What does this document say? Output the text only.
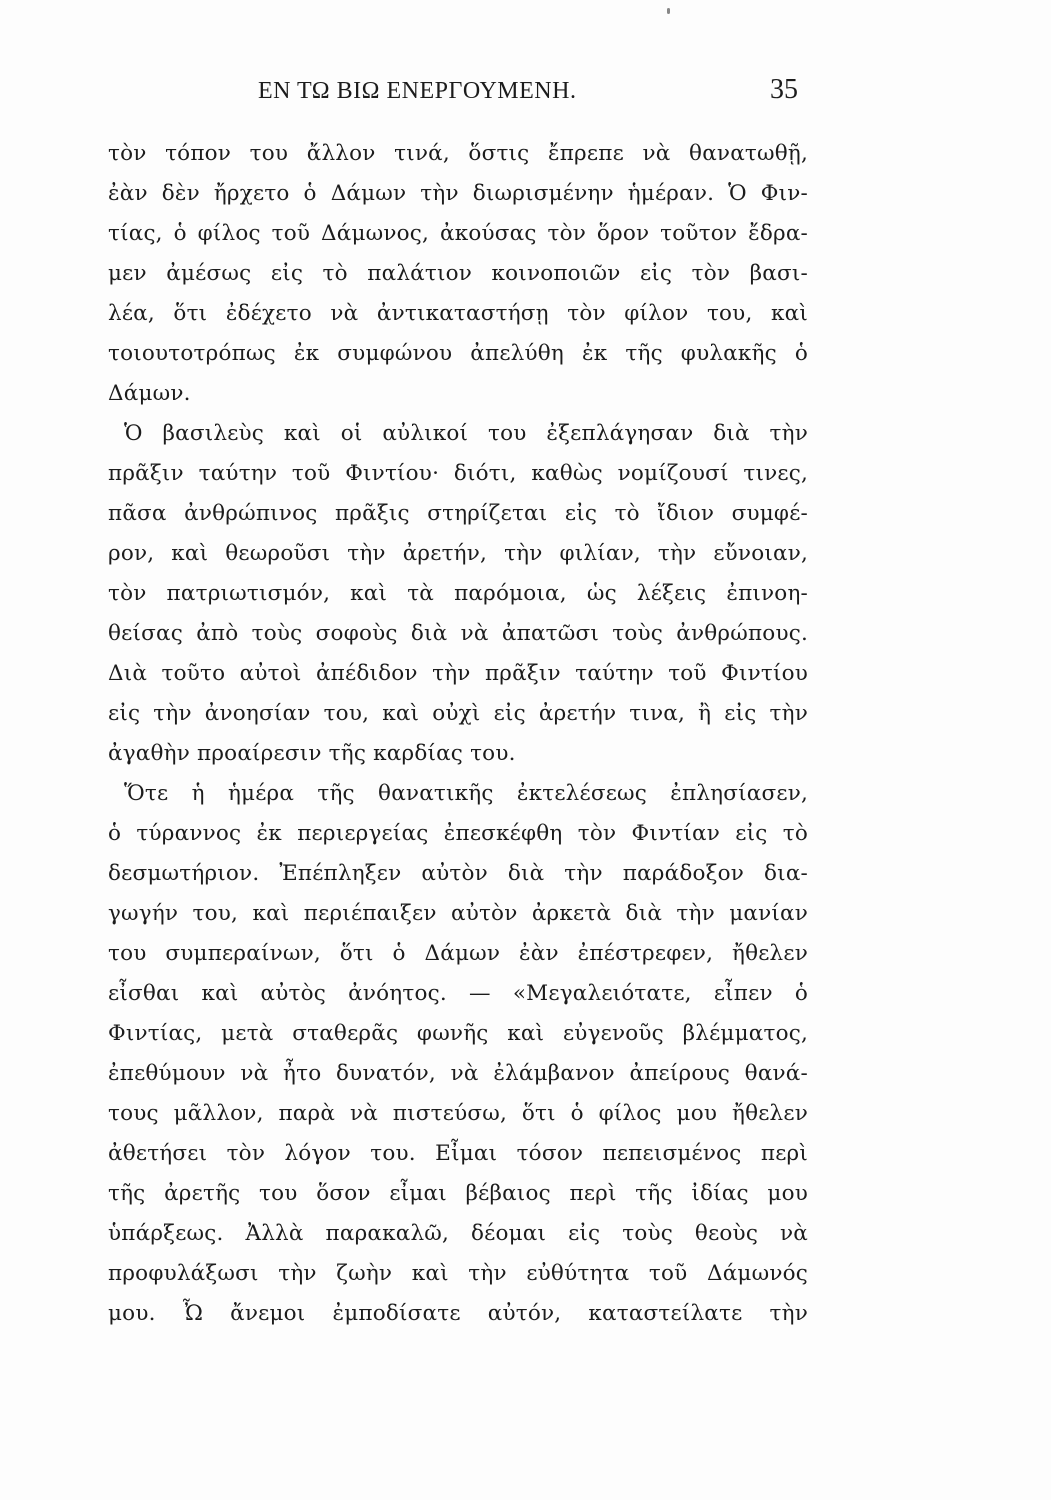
ΕΝ ΤΩ ΒΙΩ ΕΝΕΡΓΟΥΜΕΝΗ.	35
τὸν τόπον του ἄλλον τινά, ὅστις ἔπρεπε νὰ θανατωθῇ,
ἐὰν δὲν ἤρχετο ὁ Δάμων τὴν διωρισμένην ἡμέραν. Ὁ Φιν-
τίας, ὁ φίλος τοῦ Δάμωνος, ἀκούσας τὸν ὅρον τοῦτον ἔδρα-
μεν ἀμέσως εἰς τὸ παλάτιον κοινοποιῶν εἰς τὸν βασι-
λέα, ὅτι ἐδέχετο νὰ ἀντικαταστήσῃ τὸν φίλον του, καὶ
τοιουτοτρόπως ἐκ συμφώνου ἀπελύθη ἐκ τῆς φυλακῆς ὁ
Δάμων.
Ὁ βασιλεὺς καὶ οἱ αὐλικοί του ἐξεπλάγησαν διὰ τὴν
πρᾶξιν ταύτην τοῦ Φιντίου· διότι, καθὼς νομίζουσί τινες,
πᾶσα ἀνθρώπινος πρᾶξις στηρίζεται εἰς τὸ ἴδιον συμφέ-
ρον, καὶ θεωροῦσι τὴν ἀρετήν, τὴν φιλίαν, τὴν εὔνοιαν,
τὸν πατριωτισμόν, καὶ τὰ παρόμοια, ὡς λέξεις ἐπινοη-
θείσας ἀπὸ τοὺς σοφοὺς διὰ νὰ ἀπατῶσι τοὺς ἀνθρώπους.
Διὰ τοῦτο αὐτοὶ ἀπέδιδον τὴν πρᾶξιν ταύτην τοῦ Φιντίου
εἰς τὴν ἀνοησίαν του, καὶ οὐχὶ εἰς ἀρετήν τινα, ἢ εἰς τὴν
ἀγαθὴν προαίρεσιν τῆς καρδίας του.
Ὅτε ἡ ἡμέρα τῆς θανατικῆς ἐκτελέσεως ἐπλησίασεν,
ὁ τύραννος ἐκ περιεργείας ἐπεσκέφθη τὸν Φιντίαν εἰς τὸ
δεσμωτήριον. Ἐπέπληξεν αὐτὸν διὰ τὴν παράδοξον δια-
γωγήν του, καὶ περιέπαιξεν αὐτὸν ἀρκετὰ διὰ τὴν μανίαν
του συμπεραίνων, ὅτι ὁ Δάμων ἐὰν ἐπέστρεφεν, ἤθελεν
εἶσθαι καὶ αὐτὸς ἀνόητος. — «Μεγαλειότατε, εἶπεν ὁ
Φιντίας, μετὰ σταθερᾶς φωνῆς καὶ εὐγενοῦς βλέμματος,
ἐπεθύμουν νὰ ἦτο δυνατόν, νὰ ἐλάμβανον ἀπείρους θανά-
τους μᾶλλον, παρὰ νὰ πιστεύσω, ὅτι ὁ φίλος μου ἤθελεν
ἀθετήσει τὸν λόγον του. Εἶμαι τόσον πεπεισμένος περὶ
τῆς ἀρετῆς του ὅσον εἶμαι βέβαιος περὶ τῆς ἰδίας μου
ὑπάρξεως. Ἀλλὰ παρακαλῶ, δέομαι εἰς τοὺς θεοὺς νὰ
προφυλάξωσι τὴν ζωὴν καὶ τὴν εὐθύτητα τοῦ Δάμωνός
μου. Ὦ ἄνεμοι ἐμποδίσατε αὐτόν, καταστείλατε τὴν
